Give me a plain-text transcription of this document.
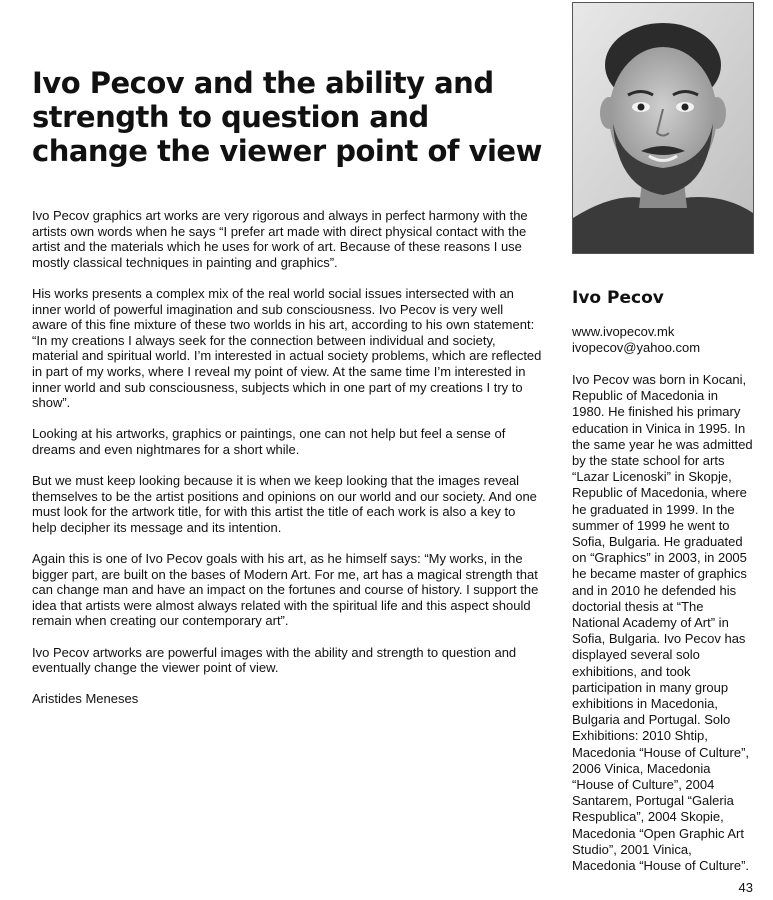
Ivo Pecov and the ability and strength to question and change the viewer point of view

Ivo Pecov graphics art works are very rigorous and always in perfect harmony with the artists own words when he says “I prefer art made with direct physical contact with the artist and the materials which he uses for work of art. Because of these reasons I use mostly classical techniques in painting and graphics”.

His works presents a complex mix of the real world social issues intersected with an inner world of powerful imagination and sub consciousness. Ivo Pecov is very well aware of this fine mixture of these two worlds in his art, according to his own statement: “In my creations I always seek for the connection between individual and society, material and spiritual world. I’m interested in actual society problems, which are reflected in part of my works, where I reveal my point of view. At the same time I’m interested in inner world and sub consciousness, subjects which in one part of my creations I try to show”.

Looking at his artworks, graphics or paintings, one can not help but feel a sense of dreams and even nightmares for a short while.

But we must keep looking because it is when we keep looking that the images reveal themselves to be the artist positions and opinions on our world and our society. And one must look for the artwork title, for with this artist the title of each work is also a key to help decipher its message and its intention.

Again this is one of Ivo Pecov goals with his art, as he himself says: “My works, in the bigger part, are built on the bases of Modern Art. For me, art has a magical strength that can change man and have an impact on the fortunes and course of history. I support the idea that artists were almost always related with the spiritual life and this aspect should remain when creating our contemporary art”.

Ivo Pecov artworks are powerful images with the ability and strength to question and eventually change the viewer point of view.

Aristides Meneses

Ivo Pecov
www.ivopecov.mk
ivopecov@yahoo.com

Ivo Pecov was born in Kocani, Republic of Macedonia in 1980. He finished his primary education in Vinica in 1995. In the same year he was admitted by the state school for arts “Lazar Licenoski” in Skopje, Republic of Macedonia, where he graduated in 1999. In the summer of 1999 he went to Sofia, Bulgaria. He graduated on “Graphics” in 2003, in 2005 he became master of graphics and in 2010 he defended his doctorial thesis at “The National Academy of Art” in Sofia, Bulgaria. Ivo Pecov has displayed several solo exhibitions, and took participation in many group exhibitions in Macedonia, Bulgaria and Portugal. Solo Exhibitions: 2010 Shtip, Macedonia “House of Culture”, 2006 Vinica, Macedonia “House of Culture”, 2004 Santarem, Portugal “Galeria Respublica”, 2004 Skopie, Macedonia “Open Graphic Art Studio”, 2001 Vinica, Macedonia “House of Culture”.

43
